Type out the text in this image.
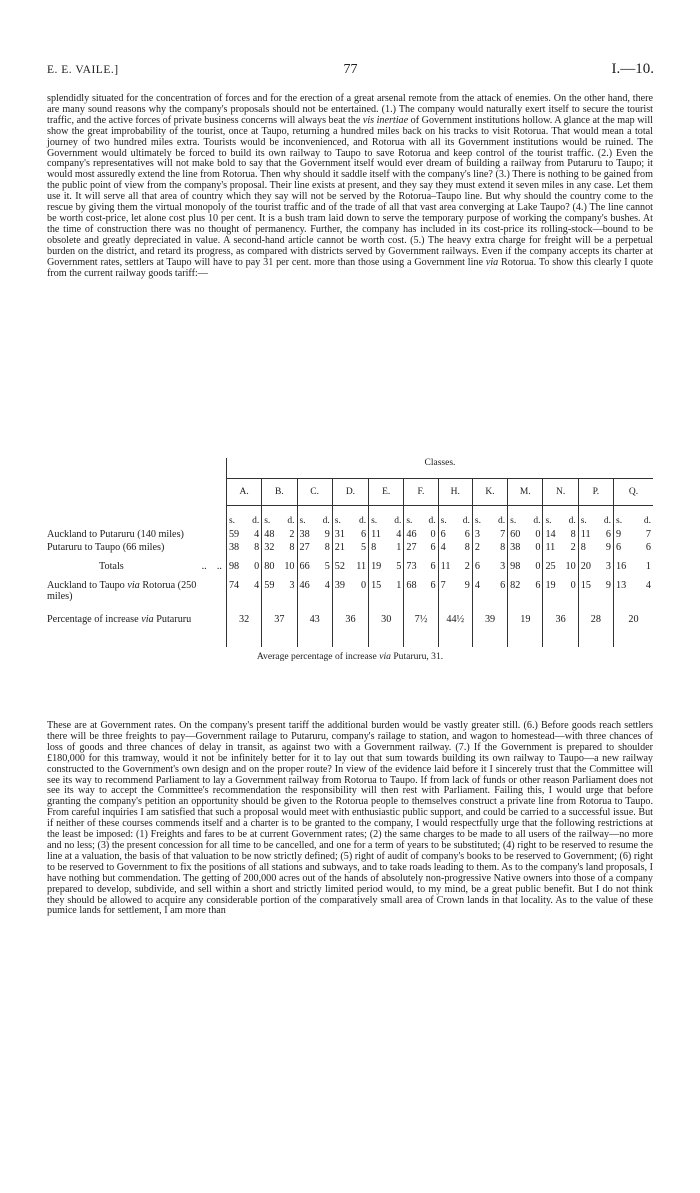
E. E. VAILE.]	77	I.—10.

splendidly situated for the concentration of forces and for the erection of a great arsenal remote from the attack of enemies. On the other hand, there are many sound reasons why the company's proposals should not be entertained. (1.) The company would naturally exert itself to secure the tourist traffic, and the active forces of private business concerns will always beat the vis inertiae of Government institutions hollow. A glance at the map will show the great improbability of the tourist, once at Taupo, returning a hundred miles back on his tracks to visit Rotorua. That would mean a total journey of two hundred miles extra. Tourists would be inconvenienced, and Rotorua with all its Government institutions would be ruined. The Government would ultimately be forced to build its own railway to Taupo to save Rotorua and keep control of the tourist traffic. (2.) Even the company's representatives will not make bold to say that the Government itself would ever dream of building a railway from Putaruru to Taupo; it would most assuredly extend the line from Rotorua. Then why should it saddle itself with the company's line? (3.) There is nothing to be gained from the public point of view from the company's proposal. Their line exists at present, and they say they must extend it seven miles in any case. Let them use it. It will serve all that area of country which they say will not be served by the Rotorua–Taupo line. But why should the country come to the rescue by giving them the virtual monopoly of the tourist traffic and of the trade of all that vast area converging at Lake Taupo? (4.) The line cannot be worth cost-price, let alone cost plus 10 per cent. It is a bush tram laid down to serve the temporary purpose of working the company's bushes. At the time of construction there was no thought of permanency. Further, the company has included in its cost-price its rolling-stock—bound to be obsolete and greatly depreciated in value. A second-hand article cannot be worth cost. (5.) The heavy extra charge for freight will be a perpetual burden on the district, and retard its progress, as compared with districts served by Government railways. Even if the company accepts its charter at Government rates, settlers at Taupo will have to pay 31 per cent. more than those using a Government line via Rotorua. To show this clearly I quote from the current railway goods tariff:—

	Classes.											
	A.	B.	C.	D.	E.	F.	H.	K.	M.	N.	P.	Q.

	s. d.	s. d.	s. d.	s. d.	s. d.	s. d.	s. d.	s. d.	s. d.	s. d.	s. d.	s. d.

Auckland to Putaruru (140 miles)	59 4	48 2	38 9	31 6	11 4	46 0	6 6	3 7	60 0	14 8	11 6	9 7

Putaruru to Taupo (66 miles)	38 8	32 8	27 8	21 5	8 1	27 6	4 8	2 8	38 0	11 2	8 9	6 6

Totals  .. ..	98 0	80 10	66 5	52 11	19 5	73 6	11 2	6 3	98 0	25 10	20 3	16 1

Auckland to Taupo via Rotorua (250 miles)	74 4	59 3	46 4	39 0	15 1	68 6	7 9	4 6	82 6	19 0	15 9	13 4

Percentage of increase via Putaruru	32	37	43	36	30	7½	44½	39	19	36	28	20
Average percentage of increase via Putaruru, 31.

These are at Government rates. On the company's present tariff the additional burden would be vastly greater still. (6.) Before goods reach settlers there will be three freights to pay—Government railage to Putaruru, company's railage to station, and wagon to homestead—with three chances of loss of goods and three chances of delay in transit, as against two with a Government railway. (7.) If the Government is prepared to shoulder £180,000 for this tramway, would it not be infinitely better for it to lay out that sum towards building its own railway to Taupo—a new railway constructed to the Government's own design and on the proper route? In view of the evidence laid before it I sincerely trust that the Committee will see its way to recommend Parliament to lay a Government railway from Rotorua to Taupo. If from lack of funds or other reason Parliament does not see its way to accept the Committee's recommendation the responsibility will then rest with Parliament. Failing this, I would urge that before granting the company's petition an opportunity should be given to the Rotorua people to themselves construct a private line from Rotorua to Taupo. From careful inquiries I am satisfied that such a proposal would meet with enthusiastic public support, and could be carried to a successful issue. But if neither of these courses commends itself and a charter is to be granted to the company, I would respectfully urge that the following restrictions at the least be imposed: (1) Freights and fares to be at current Government rates; (2) the same charges to be made to all users of the railway—no more and no less; (3) the present concession for all time to be cancelled, and one for a term of years to be substituted; (4) right to be reserved to resume the line at a valuation, the basis of that valuation to be now strictly defined; (5) right of audit of company's books to be reserved to Government; (6) right to be reserved to Government to fix the positions of all stations and subways, and to take roads leading to them. As to the company's land proposals, I have nothing but commendation. The getting of 200,000 acres out of the hands of absolutely non-progressive Native owners into those of a company prepared to develop, subdivide, and sell within a short and strictly limited period would, to my mind, be a great public benefit. But I do not think they should be allowed to acquire any considerable portion of the comparatively small area of Crown lands in that locality. As to the value of these pumice lands for settlement, I am more than
